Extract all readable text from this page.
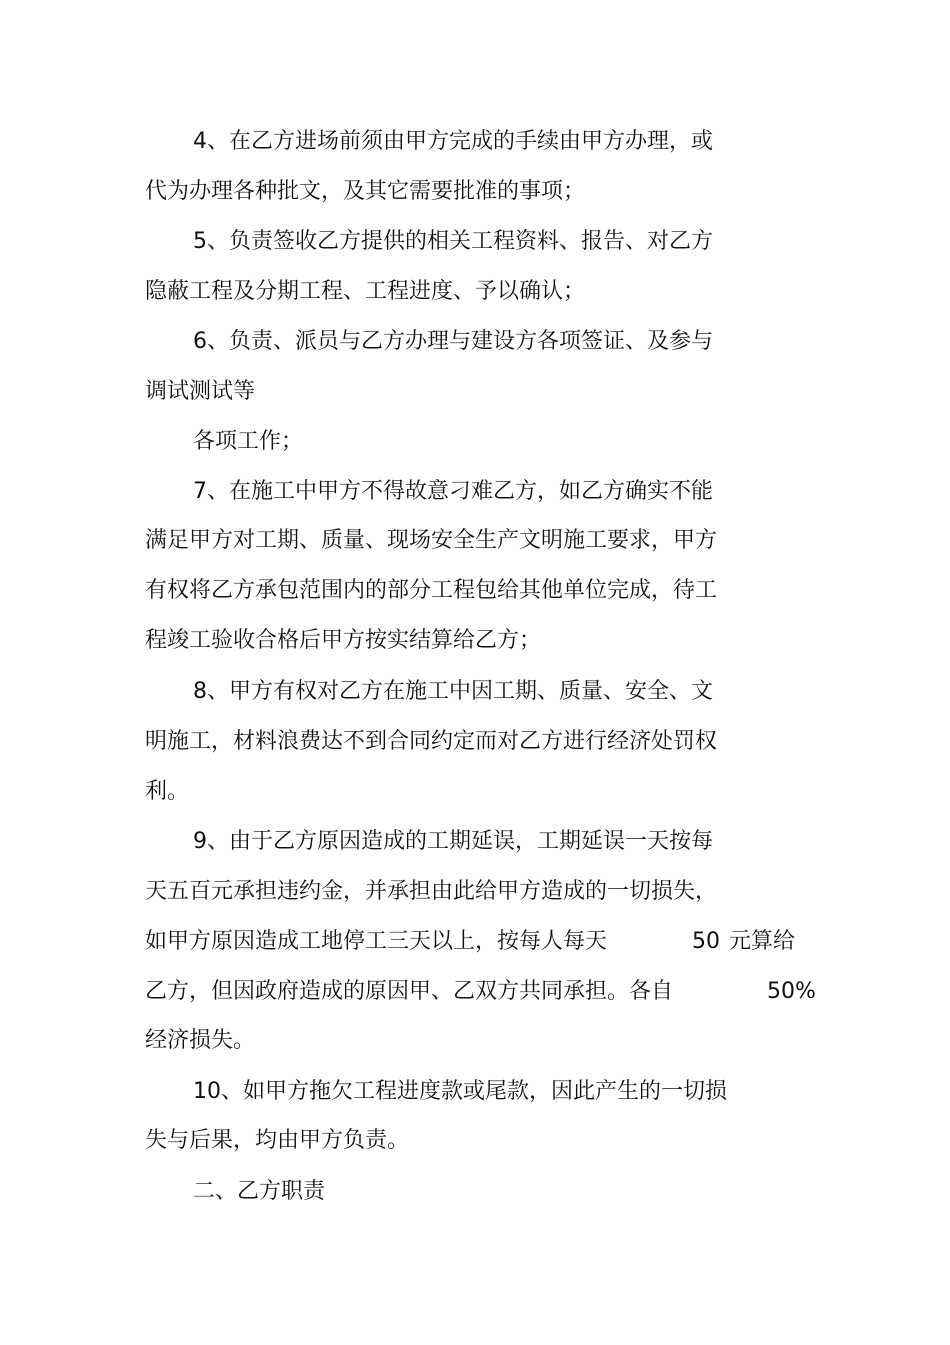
4、在乙方进场前须由甲方完成的手续由甲方办理，或
代为办理各种批文，及其它需要批准的事项；
5、负责签收乙方提供的相关工程资料、报告、对乙方
隐蔽工程及分期工程、工程进度、予以确认；
6、负责、派员与乙方办理与建设方各项签证、及参与
调试测试等
各项工作；
7、在施工中甲方不得故意刁难乙方，如乙方确实不能
满足甲方对工期、质量、现场安全生产文明施工要求，甲方
有权将乙方承包范围内的部分工程包给其他单位完成，待工
程竣工验收合格后甲方按实结算给乙方；
8、甲方有权对乙方在施工中因工期、质量、安全、文
明施工，材料浪费达不到合同约定而对乙方进行经济处罚权
利。
9、由于乙方原因造成的工期延误，工期延误一天按每
天五百元承担违约金，并承担由此给甲方造成的一切损失，
如甲方原因造成工地停工三天以上，按每人每天	50 元算给
乙方，但因政府造成的原因甲、乙双方共同承担。各自	50%
经济损失。
10、如甲方拖欠工程进度款或尾款，因此产生的一切损
失与后果，均由甲方负责。
二、乙方职责
